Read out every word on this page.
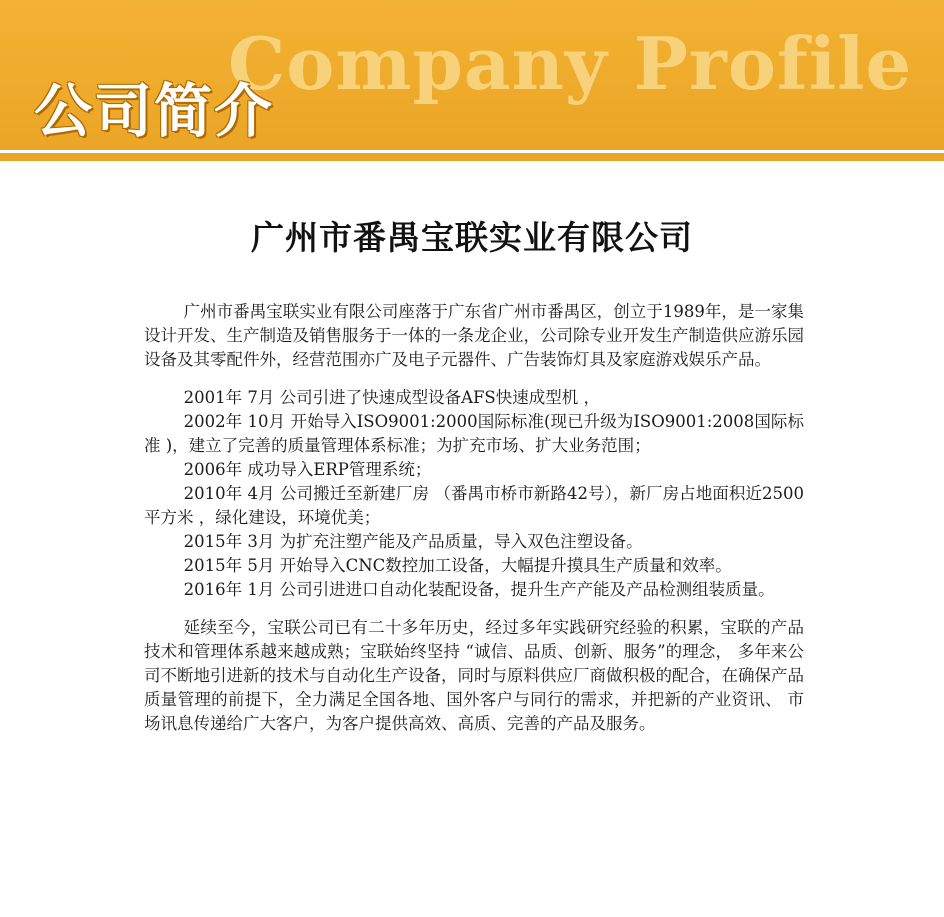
Company Profile
公司简介
广州市番禺宝联实业有限公司

广州市番禺宝联实业有限公司座落于广东省广州市番禺区，创立于1989年，是一家集设计开发、生产制造及销售服务于一体的一条龙企业，公司除专业开发生产制造供应游乐园设备及其零配件外，经营范围亦广及电子元器件、广告装饰灯具及家庭游戏娱乐产品。

2001年 7月 公司引进了快速成型设备AFS快速成型机 ，

2002年 10月 开始导入ISO9001:2000国际标准(现已升级为ISO9001:2008国际标准 )，建立了完善的质量管理体系标准；为扩充市场、扩大业务范围；

2006年 成功导入ERP管理系统；

2010年 4月 公司搬迁至新建厂房 （番禺市桥市新路42号），新厂房占地面积近2500平方米 ，绿化建设，环境优美；

2015年 3月 为扩充注塑产能及产品质量，导入双色注塑设备。

2015年 5月 开始导入CNC数控加工设备，大幅提升摸具生产质量和效率。

2016年 1月 公司引进进口自动化装配设备，提升生产产能及产品检测组装质量。

延续至今，宝联公司已有二十多年历史，经过多年实践研究经验的积累，宝联的产品技术和管理体系越来越成熟；宝联始终坚持 “诚信、品质、创新、服务”的理念， 多年来公司不断地引进新的技术与自动化生产设备，同时与原料供应厂商做积极的配合，在确保产品质量管理的前提下，全力满足全国各地、国外客户与同行的需求，并把新的产业资讯、 市场讯息传递给广大客户，为客户提供高效、高质、完善的产品及服务。
